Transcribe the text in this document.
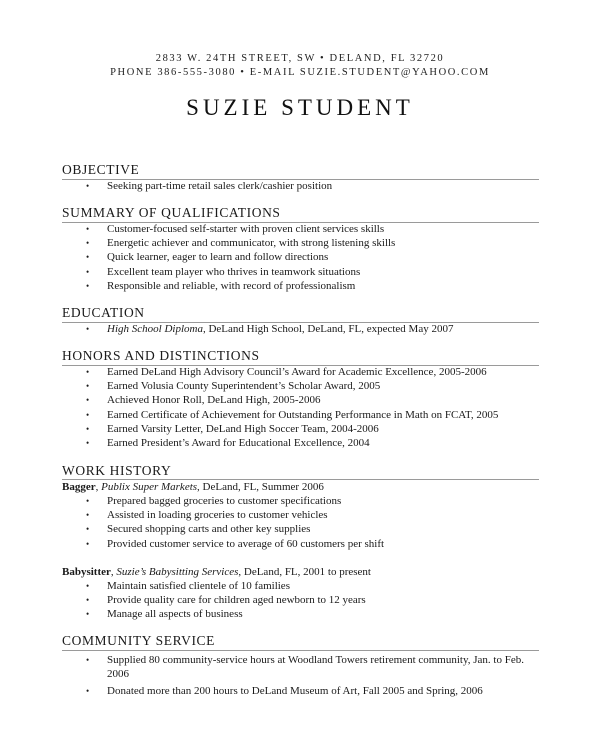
2833 W. 24TH STREET, SW • DELAND, FL 32720
PHONE 386-555-3080 • E-MAIL SUZIE.STUDENT@YAHOO.COM
SUZIE STUDENT
OBJECTIVE
• Seeking part-time retail sales clerk/cashier position
SUMMARY OF QUALIFICATIONS
• Customer-focused self-starter with proven client services skills
• Energetic achiever and communicator, with strong listening skills
• Quick learner, eager to learn and follow directions
• Excellent team player who thrives in teamwork situations
• Responsible and reliable, with record of professionalism
EDUCATION
• High School Diploma, DeLand High School, DeLand, FL, expected May 2007
HONORS AND DISTINCTIONS
• Earned DeLand High Advisory Council’s Award for Academic Excellence, 2005-2006
• Earned Volusia County Superintendent’s Scholar Award, 2005
• Achieved Honor Roll, DeLand High, 2005-2006
• Earned Certificate of Achievement for Outstanding Performance in Math on FCAT, 2005
• Earned Varsity Letter, DeLand High Soccer Team, 2004-2006
• Earned President’s Award for Educational Excellence, 2004
WORK HISTORY
Bagger, Publix Super Markets, DeLand, FL, Summer 2006
• Prepared bagged groceries to customer specifications
• Assisted in loading groceries to customer vehicles
• Secured shopping carts and other key supplies
• Provided customer service to average of 60 customers per shift
Babysitter, Suzie’s Babysitting Services, DeLand, FL, 2001 to present
• Maintain satisfied clientele of 10 families
• Provide quality care for children aged newborn to 12 years
• Manage all aspects of business
COMMUNITY SERVICE
• Supplied 80 community-service hours at Woodland Towers retirement community, Jan. to Feb. 2006
• Donated more than 200 hours to DeLand Museum of Art, Fall 2005 and Spring, 2006
